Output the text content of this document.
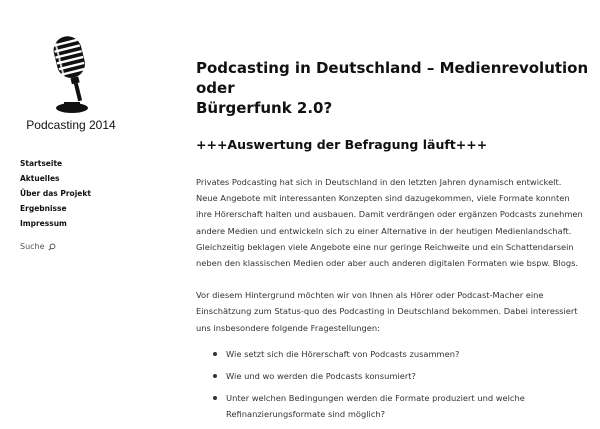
Podcasting 2014
Startseite
Aktuelles
Über das Projekt
Ergebnisse
Impressum
Suche
Podcasting in Deutschland – Medienrevolution oder
Bürgerfunk 2.0?
+++Auswertung der Befragung läuft+++

Privates Podcasting hat sich in Deutschland in den letzten Jahren dynamisch entwickelt.
Neue Angebote mit interessanten Konzepten sind dazugekommen, viele Formate konnten
ihre Hörerschaft halten und ausbauen. Damit verdrängen oder ergänzen Podcasts zunehmen
andere Medien und entwickeln sich zu einer Alternative in der heutigen Medienlandschaft.
Gleichzeitig beklagen viele Angebote eine nur geringe Reichweite und ein Schattendarsein
neben den klassischen Medien oder aber auch anderen digitalen Formaten wie bspw. Blogs.

Vor diesem Hintergrund möchten wir von Ihnen als Hörer oder Podcast-Macher eine
Einschätzung zum Status-quo des Podcasting in Deutschland bekommen. Dabei interessiert
uns insbesondere folgende Fragestellungen:

Wie setzt sich die Hörerschaft von Podcasts zusammen?
Wie und wo werden die Podcasts konsumiert?
Unter welchen Bedingungen werden die Formate produziert und welche
Refinanzierungsformate sind möglich?
